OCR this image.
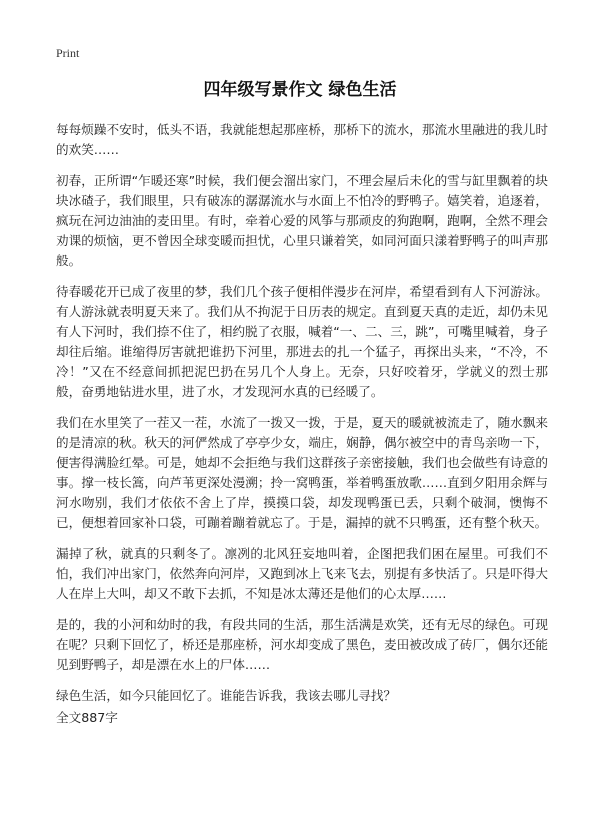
Print
四年级写景作文 绿色生活

每每烦躁不安时，低头不语，我就能想起那座桥，那桥下的流水，那流水里融进的我儿时的欢笑……

初春，正所谓“乍暖还寒”时候，我们便会溜出家门，不理会屋后未化的雪与缸里飘着的块块冰碴子，我们眼里，只有破冻的潺潺流水与水面上不怕冷的野鸭子。嬉笑着，追逐着，疯玩在河边油油的麦田里。有时，牵着心爱的风筝与那顽皮的狗跑啊，跑啊，全然不理会劝课的烦恼，更不曾因全球变暖而担忧，心里只谦着笑，如同河面只漾着野鸭子的叫声那般。

待春暖花开已成了夜里的梦，我们几个孩子便相伴漫步在河岸，希望看到有人下河游泳。有人游泳就表明夏天来了。我们从不拘泥于日历表的规定。直到夏天真的走近，却仍未见有人下河时，我们捺不住了，相约脱了衣服，喊着“一、二、三，跳”，可嘴里喊着，身子却往后缩。谁缩得厉害就把谁扔下河里，那进去的扎一个猛子，再探出头来，“不冷，不冷！”又在不经意间抓把泥巴扔在另几个人身上。无奈，只好咬着牙，学就义的烈士那般，奋勇地钻进水里，进了水，才发现河水真的已经暖了。

我们在水里笑了一茬又一茬，水流了一拨又一拨，于是，夏天的暖就被流走了，随水飘来的是清凉的秋。秋天的河俨然成了亭亭少女，端庄，娴静，偶尔被空中的青鸟亲吻一下，便害得满脸红晕。可是，她却不会拒绝与我们这群孩子亲密接触，我们也会做些有诗意的事。撑一枝长篙，向芦苇更深处漫溯；拎一窝鸭蛋，举着鸭蛋放歌……直到夕阳用余辉与河水吻别，我们才依依不舍上了岸，摸摸口袋，却发现鸭蛋已丢，只剩个破洞，懊悔不已，便想着回家补口袋，可蹦着蹦着就忘了。于是，漏掉的就不只鸭蛋，还有整个秋天。

漏掉了秋，就真的只剩冬了。凛冽的北风狂妄地叫着，企图把我们困在屋里。可我们不怕，我们冲出家门，依然奔向河岸，又跑到冰上飞来飞去，别提有多快活了。只是吓得大人在岸上大叫，却又不敢下去抓，不知是冰太薄还是他们的心太厚……

是的，我的小河和幼时的我，有段共同的生活，那生活满是欢笑，还有无尽的绿色。可现在呢？只剩下回忆了，桥还是那座桥，河水却变成了黑色，麦田被改成了砖厂，偶尔还能见到野鸭子，却是漂在水上的尸体……

绿色生活，如今只能回忆了。谁能告诉我，我该去哪儿寻找？

全文887字
